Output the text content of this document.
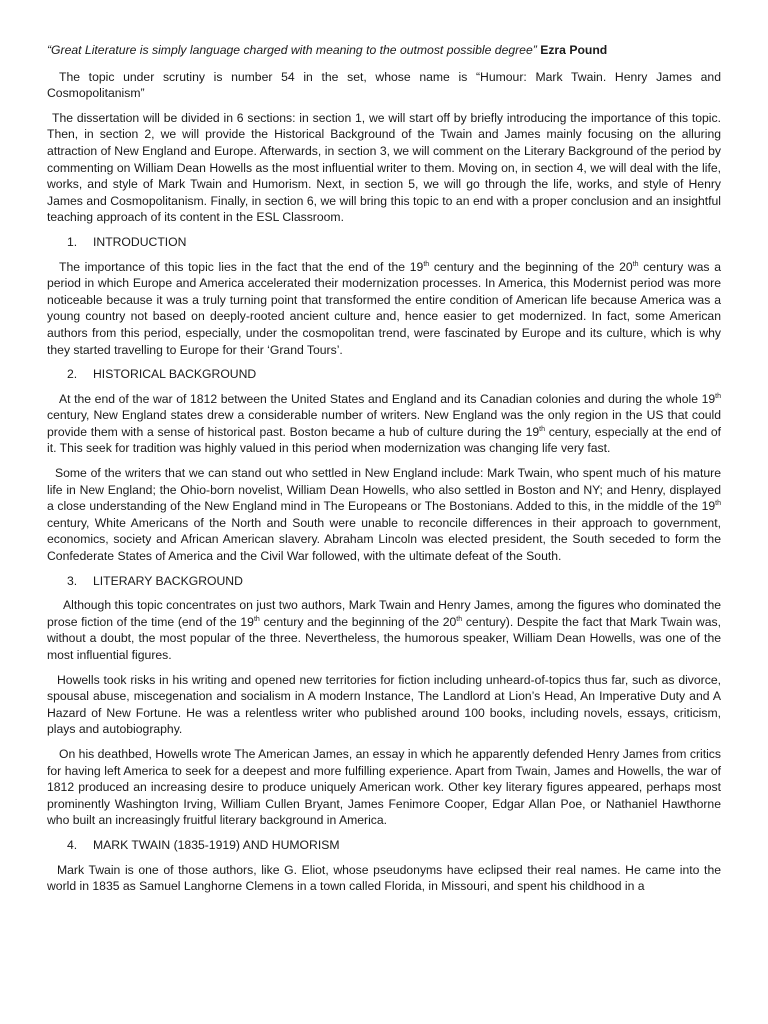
“Great Literature is simply language charged with meaning to the outmost possible degree” Ezra Pound

The topic under scrutiny is number 54 in the set, whose name is “Humour: Mark Twain. Henry James and Cosmopolitanism”

The dissertation will be divided in 6 sections: in section 1, we will start off by briefly introducing the importance of this topic. Then, in section 2, we will provide the Historical Background of the Twain and James mainly focusing on the alluring attraction of New England and Europe. Afterwards, in section 3, we will comment on the Literary Background of the period by commenting on William Dean Howells as the most influential writer to them. Moving on, in section 4, we will deal with the life, works, and style of Mark Twain and Humorism. Next, in section 5, we will go through the life, works, and style of Henry James and Cosmopolitanism. Finally, in section 6, we will bring this topic to an end with a proper conclusion and an insightful teaching approach of its content in the ESL Classroom.

1.	INTRODUCTION

The importance of this topic lies in the fact that the end of the 19th century and the beginning of the 20th century was a period in which Europe and America accelerated their modernization processes. In America, this Modernist period was more noticeable because it was a truly turning point that transformed the entire condition of American life because America was a young country not based on deeply-rooted ancient culture and, hence easier to get modernized. In fact, some American authors from this period, especially, under the cosmopolitan trend, were fascinated by Europe and its culture, which is why they started travelling to Europe for their ‘Grand Tours’.

2.	HISTORICAL BACKGROUND

At the end of the war of 1812 between the United States and England and its Canadian colonies and during the whole 19th century, New England states drew a considerable number of writers. New England was the only region in the US that could provide them with a sense of historical past. Boston became a hub of culture during the 19th century, especially at the end of it. This seek for tradition was highly valued in this period when modernization was changing life very fast.

Some of the writers that we can stand out who settled in New England include: Mark Twain, who spent much of his mature life in New England; the Ohio-born novelist, William Dean Howells, who also settled in Boston and NY; and Henry, displayed a close understanding of the New England mind in The Europeans or The Bostonians. Added to this, in the middle of the 19th century, White Americans of the North and South were unable to reconcile differences in their approach to government, economics, society and African American slavery. Abraham Lincoln was elected president, the South seceded to form the Confederate States of America and the Civil War followed, with the ultimate defeat of the South.

3.	LITERARY BACKGROUND

Although this topic concentrates on just two authors, Mark Twain and Henry James, among the figures who dominated the prose fiction of the time (end of the 19th century and the beginning of the 20th century). Despite the fact that Mark Twain was, without a doubt, the most popular of the three. Nevertheless, the humorous speaker, William Dean Howells, was one of the most influential figures.

Howells took risks in his writing and opened new territories for fiction including unheard-of-topics thus far, such as divorce, spousal abuse, miscegenation and socialism in A modern Instance, The Landlord at Lion’s Head, An Imperative Duty and A Hazard of New Fortune. He was a relentless writer who published around 100 books, including novels, essays, criticism, plays and autobiography.

On his deathbed, Howells wrote The American James, an essay in which he apparently defended Henry James from critics for having left America to seek for a deepest and more fulfilling experience. Apart from Twain, James and Howells, the war of 1812 produced an increasing desire to produce uniquely American work. Other key literary figures appeared, perhaps most prominently Washington Irving, William Cullen Bryant, James Fenimore Cooper, Edgar Allan Poe, or Nathaniel Hawthorne who built an increasingly fruitful literary background in America.

4.	MARK TWAIN (1835-1919) AND HUMORISM

Mark Twain is one of those authors, like G. Eliot, whose pseudonyms have eclipsed their real names. He came into the world in 1835 as Samuel Langhorne Clemens in a town called Florida, in Missouri, and spent his childhood in a
